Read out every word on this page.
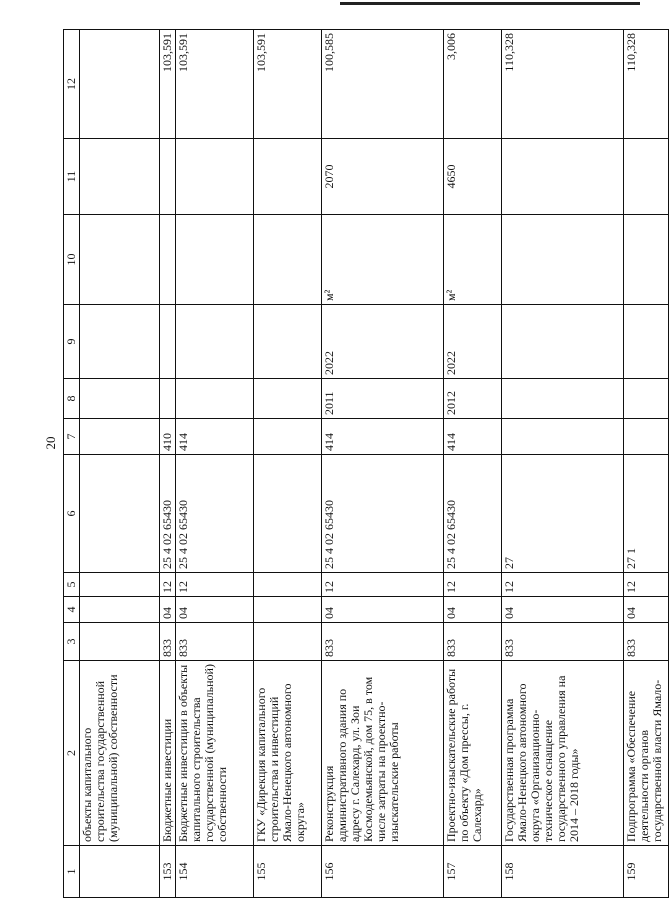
20
1	2	3	4	5	6	7	8	9	10	11	12
	объекты капитального строительства государственной (муниципальной) собственности										
153	Бюджетные инвестиции	833	04	12	25 4 02 65430	410					103,591
154	Бюджетные инвестиции в объекты капитального строительства государственной (муниципальной) собственности	833	04	12	25 4 02 65430	414					103,591
155	ГКУ «Дирекция капитального строительства и инвестиций Ямало-Ненецкого автономного округа»										103,591
156	Реконструкция административного здания по адресу г. Салехард, ул. Зои Космодемьянской, дом 75, в том числе затраты на проектно-изыскательские работы	833	04	12	25 4 02 65430	414	2011	2022	м²	2070	100,585
157	Проектно-изыскательские работы по объекту «Дом прессы, г. Салехард»	833	04	12	25 4 02 65430	414	2012	2022	м²	4650	3,006
158	Государственная программа Ямало-Ненецкого автономного округа «Организационно-техническое оснащение государственного управления на 2014 – 2018 годы»	833	04	12	27						110,328
159	Подпрограмма «Обеспечение деятельности органов государственной власти Ямало-	833	04	12	27 1						110,328
